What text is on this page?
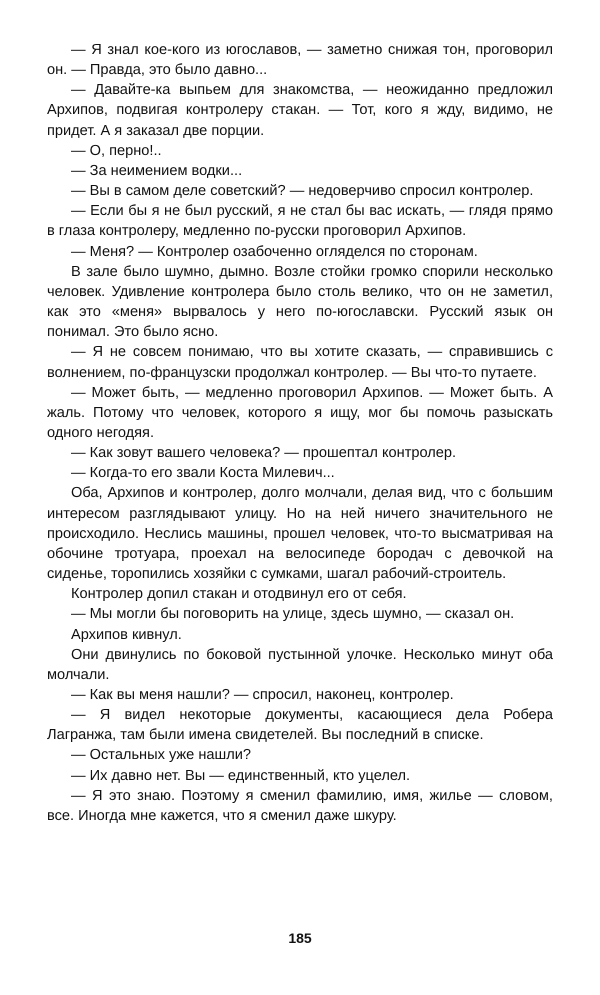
— Я знал кое-кого из югославов, — заметно снижая тон, проговорил он. — Правда, это было давно...

— Давайте-ка выпьем для знакомства, — неожиданно предложил Архипов, подвигая контролеру стакан. — Тот, кого я жду, видимо, не придет. А я заказал две порции.

— О, перно!..

— За неимением водки...

— Вы в самом деле советский? — недоверчиво спросил контролер.

— Если бы я не был русский, я не стал бы вас искать, — глядя прямо в глаза контролеру, медленно по-русски проговорил Архипов.

— Меня? — Контролер озабоченно огляделся по сторонам.

В зале было шумно, дымно. Возле стойки громко спорили несколько человек. Удивление контролера было столь велико, что он не заметил, как это «меня» вырвалось у него по-югославски. Русский язык он понимал. Это было ясно.

— Я не совсем понимаю, что вы хотите сказать, — справившись с волнением, по-французски продолжал контролер. — Вы что-то путаете.

— Может быть, — медленно проговорил Архипов. — Может быть. А жаль. Потому что человек, которого я ищу, мог бы помочь разыскать одного негодяя.

— Как зовут вашего человека? — прошептал контролер.

— Когда-то его звали Коста Милевич...

Оба, Архипов и контролер, долго молчали, делая вид, что с большим интересом разглядывают улицу. Но на ней ничего значительного не происходило. Неслись машины, прошел человек, что-то высматривая на обочине тротуара, проехал на велосипеде бородач с девочкой на сиденье, торопились хозяйки с сумками, шагал рабочий-строитель.

Контролер допил стакан и отодвинул его от себя.

— Мы могли бы поговорить на улице, здесь шумно, — сказал он.

Архипов кивнул.

Они двинулись по боковой пустынной улочке. Несколько минут оба молчали.

— Как вы меня нашли? — спросил, наконец, контролер.

— Я видел некоторые документы, касающиеся дела Робера Лагранжа, там были имена свидетелей. Вы последний в списке.

— Остальных уже нашли?

— Их давно нет. Вы — единственный, кто уцелел.

— Я это знаю. Поэтому я сменил фамилию, имя, жилье — словом, все. Иногда мне кажется, что я сменил даже шкуру.

185
